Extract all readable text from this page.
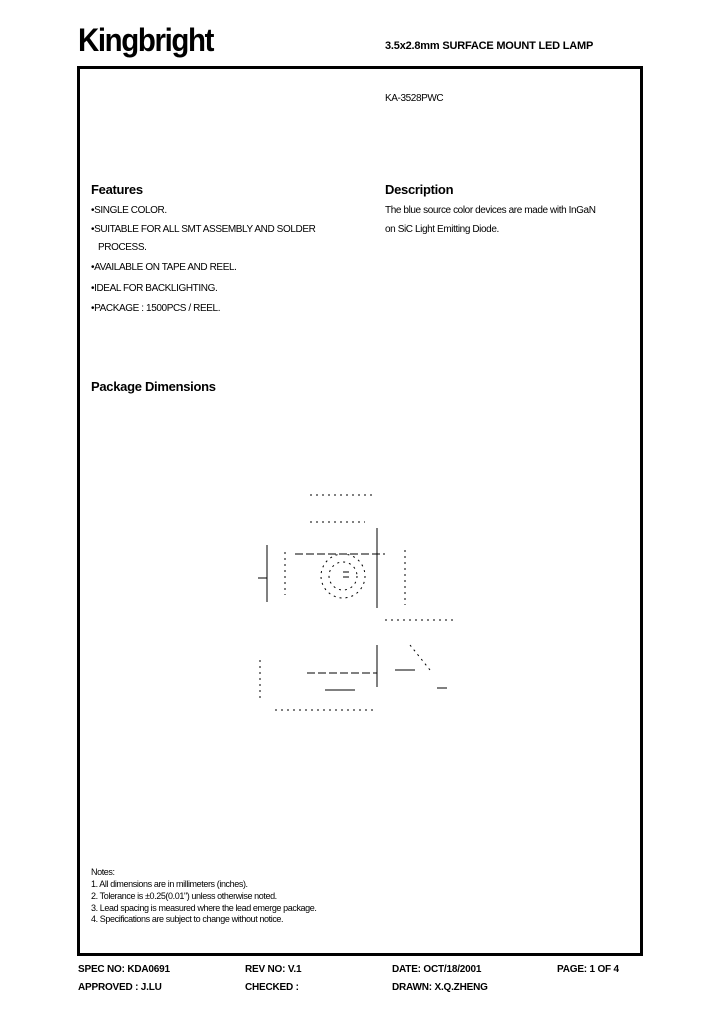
Kingbright	3.5x2.8mm SURFACE MOUNT LED LAMP
KA-3528PWC
Features
•SINGLE COLOR.
•SUITABLE FOR ALL SMT ASSEMBLY AND SOLDER
PROCESS.
•AVAILABLE ON TAPE AND REEL.
•IDEAL FOR BACKLIGHTING.
•PACKAGE : 1500PCS / REEL.
Description
The blue source color devices are made with InGaN
on SiC Light Emitting Diode.
Package Dimensions
Notes:
1. All dimensions are in millimeters (inches).
2. Tolerance is ±0.25(0.01") unless otherwise noted.
3. Lead spacing is measured where the lead emerge package.
4. Specifications are subject to change without notice.
SPEC NO: KDA0691	REV NO: V.1	DATE: OCT/18/2001	PAGE: 1 OF 4
APPROVED : J.LU	CHECKED :	DRAWN: X.Q.ZHENG
